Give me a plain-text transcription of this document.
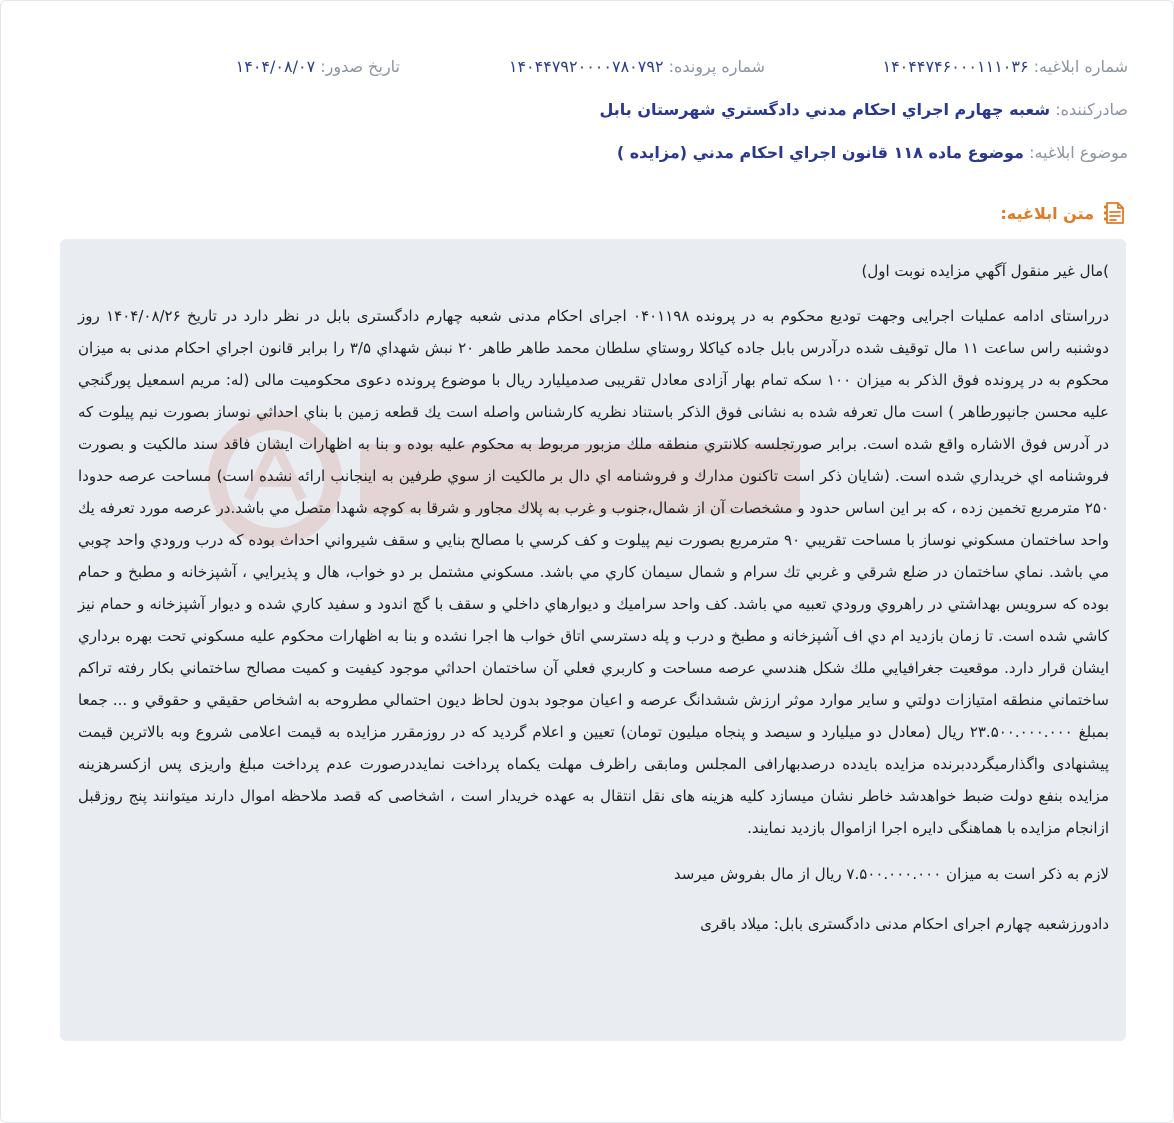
شماره ابلاغیه: ۱۴۰۴۴۷۴۶۰۰۰۱۱۱۰۳۶
شماره پرونده: ۱۴۰۴۴۷۹۲۰۰۰۰۷۸۰۷۹۲
تاریخ صدور: ۱۴۰۴/۰۸/۰۷
صادرکننده: شعبه چهارم اجراي احكام مدني دادگستري شهرستان بابل
موضوع ابلاغیه: موضوع ماده ۱۱۸ قانون اجراي احكام مدني (مزايده )
متن ابلاغیه:

)مال غير منقول آگهي مزايده نوبت اول)

درراستاى ادامه عمليات اجرايى وجهت توديع محكوم به در پرونده ۰۴۰۱۱۹۸ اجراى احكام مدنى شعبه چهارم دادگسترى بابل در نظر دارد در تاريخ ۱۴۰۴/۰۸/۲۶ روز دوشنبه راس ساعت ۱۱ مال توقيف شده درآدرس بابل جاده كياكلا روستاي سلطان محمد طاهر طاهر ۲۰ نبش شهداي ۳/۵ را برابر قانون اجراي احكام مدنى به ميزان محكوم به در پرونده فوق الذكر به ميزان ۱۰۰ سكه تمام بهار آزادى معادل تقريبى صدميليارد ريال با موضوع پرونده دعوى محكوميت مالى (له: مريم اسمعيل پورگنجي عليه محسن جانپورطاهر ) است مال تعرفه شده به نشانى فوق الذكر باستناد نظريه كارشناس واصله است يك قطعه زمين با بناي احداثي نوساز بصورت نيم پيلوت كه در آدرس فوق الاشاره واقع شده است. برابر صورتجلسه كلانتري منطقه ملك مزبور مربوط به محكوم عليه بوده و بنا به اظهارات ايشان فاقد سند مالكيت و بصورت فروشنامه اي خريداري شده است. (شايان ذكر است تاكنون مدارك و فروشنامه اي دال بر مالكيت از سوي طرفين به اينجانب ارائه نشده است) مساحت عرصه حدودا ۲۵۰ مترمربع تخمين زده ، كه بر اين اساس حدود و مشخصات آن از شمال،جنوب و غرب به پلاك مجاور و شرقا به كوچه شهدا متصل مي باشد.در عرصه مورد تعرفه يك واحد ساختمان مسكوني نوساز با مساحت تقريبي ۹۰ مترمربع بصورت نيم پيلوت و كف كرسي با مصالح بنايي و سقف شيرواني احداث بوده كه درب ورودي واحد چوبي مي باشد. نماي ساختمان در ضلع شرقي و غربي تك سرام و شمال سيمان كاري مي باشد. مسكوني مشتمل بر دو خواب، هال و پذيرايي ، آشپزخانه و مطبخ و حمام بوده كه سرويس بهداشتي در راهروي ورودي تعبيه مي باشد. كف واحد سراميك و ديوارهاي داخلي و سقف با گچ اندود و سفيد كاري شده و ديوار آشپزخانه و حمام نيز كاشي شده است. تا زمان بازديد ام دي اف آشپزخانه و مطبخ و درب و پله دسترسي اتاق خواب ها اجرا نشده و بنا به اظهارات محكوم عليه مسكوني تحت بهره برداري ايشان قرار دارد. موقعيت جغرافيايي ملك شكل هندسي عرصه مساحت و كاربري فعلي آن ساختمان احداثي موجود كيفيت و كميت مصالح ساختماني بكار رفته تراكم ساختماني منطقه امتيازات دولتي و ساير موارد موثر ارزش ششدانگ عرصه و اعيان موجود بدون لحاظ ديون احتمالي مطروحه به اشخاص حقيقي و حقوقي و ... جمعا بمبلغ ۲۳.۵۰۰.۰۰۰.۰۰۰ ريال (معادل دو ميليارد و سيصد و پنجاه ميليون تومان) تعيين و اعلام گرديد كه در روزمقرر مزايده به قيمت اعلامى شروع وبه بالاترين قيمت پيشنهادى واگذارميگرددبرنده مزايده بايدده درصدبهارافى المجلس ومابقى راظرف مهلت يكماه پرداخت نمايددرصورت عدم پرداخت مبلغ واريزى پس ازكسرهزينه مزايده بنفع دولت ضبط خواهدشد خاطر نشان ميسازد كليه هزينه هاى نقل انتقال به عهده خريدار است ، اشخاصى كه قصد ملاحظه اموال دارند ميتوانند پنج روزقبل ازانجام مزايده با هماهنگى دايره اجرا ازاموال بازديد نمايند.

لازم به ذكر است به ميزان ۷.۵۰۰.۰۰۰.۰۰۰ ريال از مال بفروش ميرسد

دادورزشعبه چهارم اجراى احكام مدنى دادگسترى بابل: ميلاد باقرى
